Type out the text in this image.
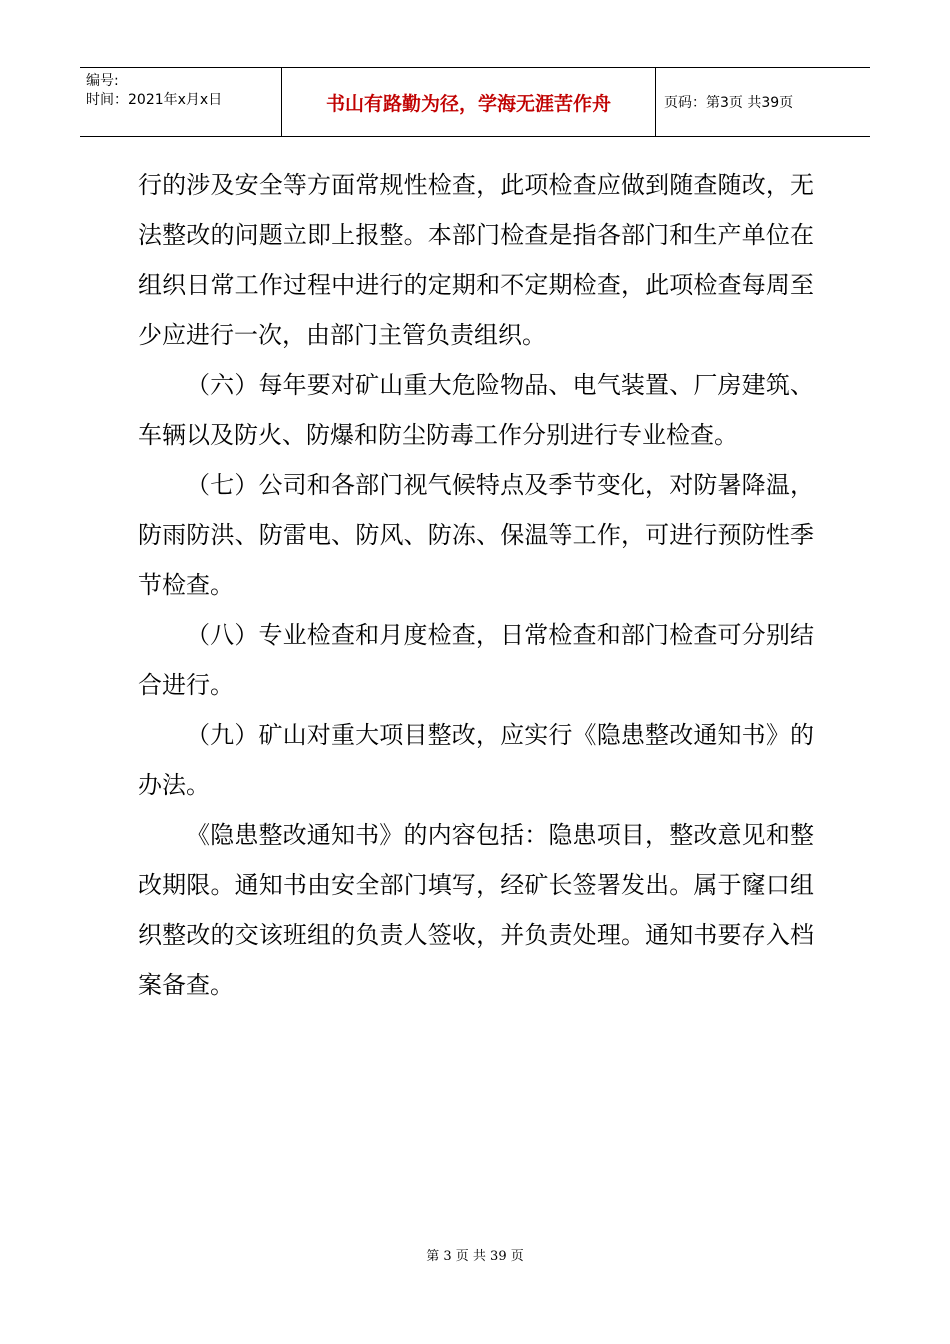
编号:
时间：2021年x月x日	书山有路勤为径，学海无涯苦作舟	页码：第3页 共39页

行的涉及安全等方面常规性检查，此项检查应做到随查随改，无法整改的问题立即上报整。本部门检查是指各部门和生产单位在组织日常工作过程中进行的定期和不定期检查，此项检查每周至少应进行一次，由部门主管负责组织。

（六）每年要对矿山重大危险物品、电气装置、厂房建筑、车辆以及防火、防爆和防尘防毒工作分别进行专业检查。

（七）公司和各部门视气候特点及季节变化，对防暑降温，防雨防洪、防雷电、防风、防冻、保温等工作，可进行预防性季节检查。

（八）专业检查和月度检查，日常检查和部门检查可分别结合进行。

（九）矿山对重大项目整改，应实行《隐患整改通知书》的办法。

《隐患整改通知书》的内容包括：隐患项目，整改意见和整改期限。通知书由安全部门填写，经矿长签署发出。属于窿口组织整改的交该班组的负责人签收，并负责处理。通知书要存入档案备查。

第 3 页 共 39 页
